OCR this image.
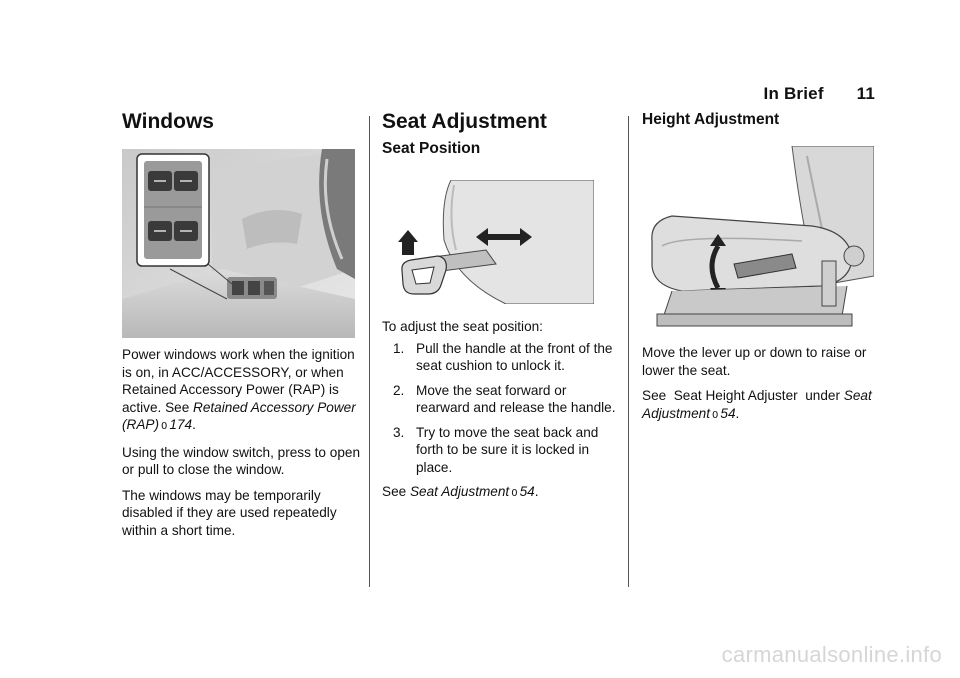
In Brief 11
Windows

Power windows work when the ignition is on, in ACC/ACCESSORY, or when Retained Accessory Power (RAP) is active. See Retained Accessory Power (RAP) 0 174.

Using the window switch, press to open or pull to close the window.

The windows may be temporarily disabled if they are used repeatedly within a short time.

Seat Adjustment
Seat Position

To adjust the seat position:

1. Pull the handle at the front of the seat cushion to unlock it.
2. Move the seat forward or rearward and release the handle.
3. Try to move the seat back and forth to be sure it is locked in place.

See Seat Adjustment 0 54.

Height Adjustment

Move the lever up or down to raise or lower the seat.

See  Seat Height Adjuster  under Seat Adjustment 0 54.

carmanualsonline.info
